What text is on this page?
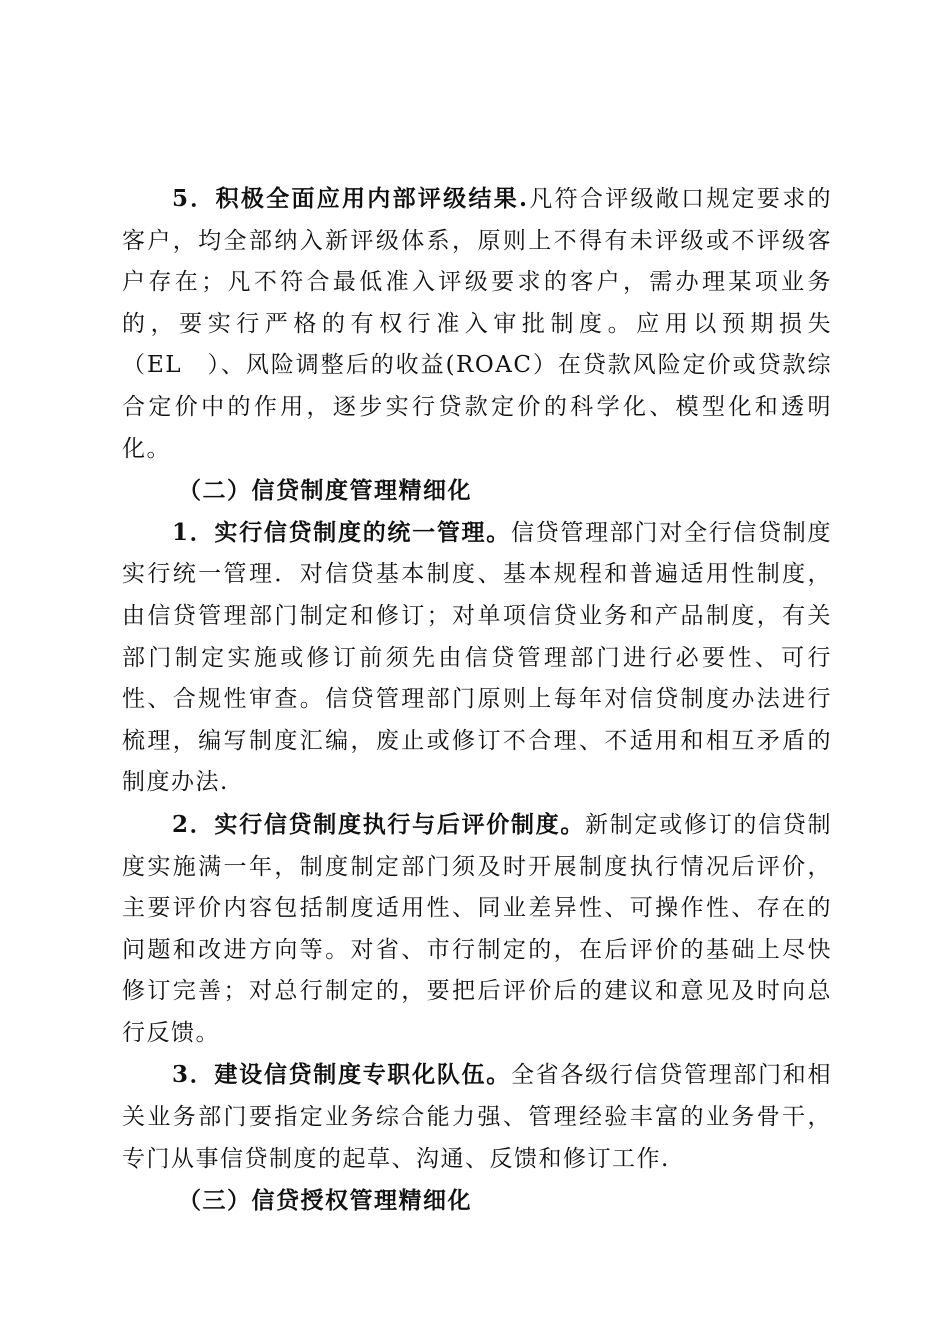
5．积极全面应用内部评级结果.凡符合评级敞口规定要求的客户，均全部纳入新评级体系，原则上不得有未评级或不评级客户存在；凡不符合最低准入评级要求的客户，需办理某项业务的，要实行严格的有权行准入审批制度。应用以预期损失（EL　）、风险调整后的收益(ROAC）在贷款风险定价或贷款综合定价中的作用，逐步实行贷款定价的科学化、模型化和透明化。

（二）信贷制度管理精细化

1．实行信贷制度的统一管理。信贷管理部门对全行信贷制度实行统一管理．对信贷基本制度、基本规程和普遍适用性制度，由信贷管理部门制定和修订；对单项信贷业务和产品制度，有关部门制定实施或修订前须先由信贷管理部门进行必要性、可行性、合规性审查。信贷管理部门原则上每年对信贷制度办法进行梳理，编写制度汇编，废止或修订不合理、不适用和相互矛盾的制度办法.

2．实行信贷制度执行与后评价制度。新制定或修订的信贷制度实施满一年，制度制定部门须及时开展制度执行情况后评价，主要评价内容包括制度适用性、同业差异性、可操作性、存在的问题和改进方向等。对省、市行制定的，在后评价的基础上尽快修订完善；对总行制定的，要把后评价后的建议和意见及时向总行反馈。

3．建设信贷制度专职化队伍。全省各级行信贷管理部门和相关业务部门要指定业务综合能力强、管理经验丰富的业务骨干，专门从事信贷制度的起草、沟通、反馈和修订工作.

（三）信贷授权管理精细化
